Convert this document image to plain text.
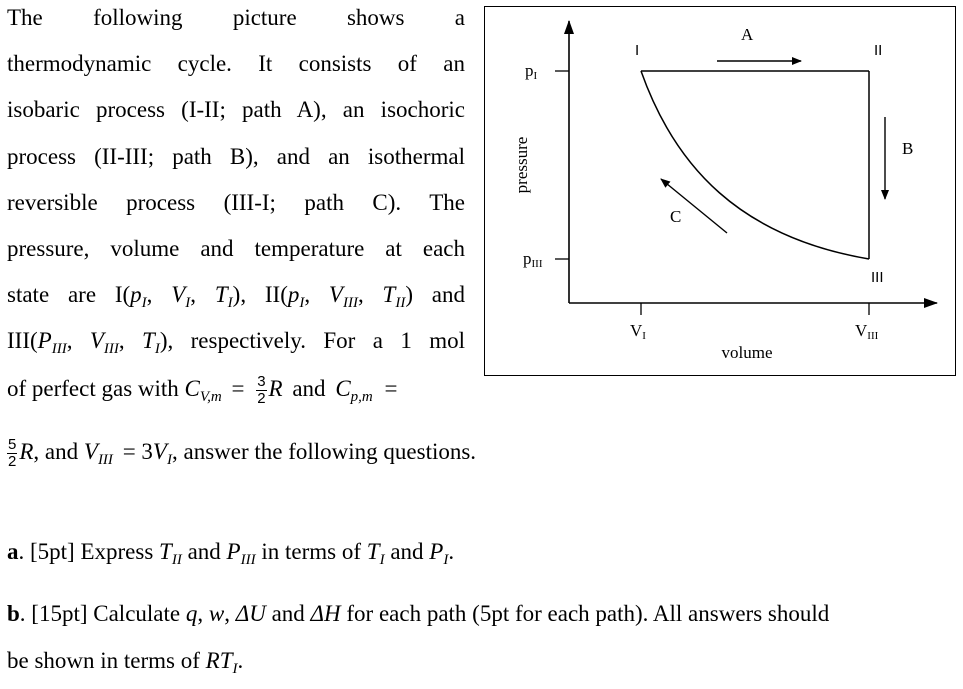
The following picture shows a
thermodynamic cycle. It consists of an
isobaric process (I-II; path A), an isochoric
process (II-III; path B), and an isothermal
reversible process (III-I; path C). The
pressure, volume and temperature at each
state are $I(p_I$, $V_I$, $T_I$), $II(p_I$, $V_{III}$, $T_{II}$) and
$III(P_{III}$, $V_{III}$, $T_I$), respectively. For a 1 mol
of perfect gas with $C_{V,m} = \frac{3}{2}$ R and $C_{p,m}$ =
$\frac{5}{2} R$, and $V_{III} = 3V_I$, answer the following questions.
a. [5pt] Express $T_{II}$ and $P_{III}$ in terms of $T_I$ and $P_I$.
b. [15pt] Calculate q, w, ΔU and ΔH for each path (5pt for each path). All answers should
be shown in terms of $RT_I$.
pressure
volume
pI
pIII
VI	VIII
I	II
III
A
B
C
